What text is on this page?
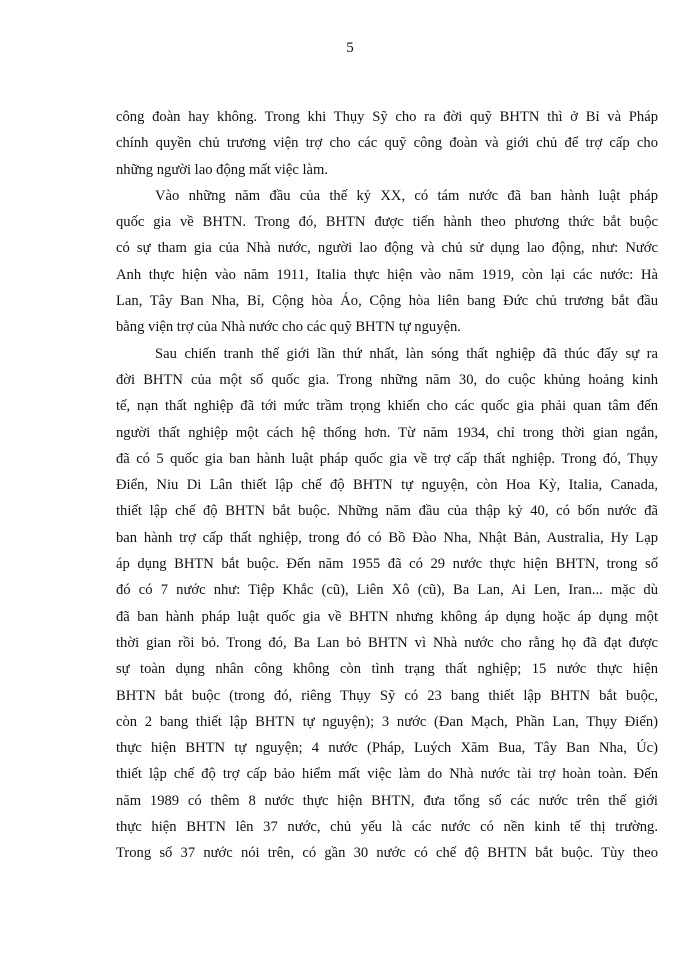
5
công đoàn hay không. Trong khi Thụy Sỹ cho ra đời quỹ BHTN thì ở Bỉ và Pháp
chính quyền chủ trương viện trợ cho các quỹ công đoàn và giới chủ để trợ cấp cho
những người lao động mất việc làm.
Vào những năm đầu của thế kỷ XX, có tám nước đã ban hành luật pháp
quốc gia về BHTN. Trong đó, BHTN được tiến hành theo phương thức bắt buộc
có sự tham gia của Nhà nước, người lao động và chủ sử dụng lao động, như: Nước
Anh thực hiện vào năm 1911, Italia thực hiện vào năm 1919, còn lại các nước: Hà
Lan, Tây Ban Nha, Bỉ, Cộng hòa Áo, Cộng hòa liên bang Đức chủ trương bắt đầu
bằng viện trợ của Nhà nước cho các quỹ BHTN tự nguyện.
Sau chiến tranh thế giới lần thứ nhất, làn sóng thất nghiệp đã thúc đẩy sự ra
đời BHTN của một số quốc gia. Trong những năm 30, do cuộc khủng hoảng kinh
tế, nạn thất nghiệp đã tới mức trầm trọng khiến cho các quốc gia phải quan tâm đến
người thất nghiệp một cách hệ thống hơn. Từ năm 1934, chỉ trong thời gian ngắn,
đã có 5 quốc gia ban hành luật pháp quốc gia về trợ cấp thất nghiệp. Trong đó, Thụy
Điển, Niu Di Lân thiết lập chế độ BHTN tự nguyện, còn Hoa Kỳ, Italia, Canada,
thiết lập chế độ BHTN bắt buộc. Những năm đầu của thập kỷ 40, có bốn nước đã
ban hành trợ cấp thất nghiệp, trong đó có Bồ Đào Nha, Nhật Bản, Australia, Hy Lạp
áp dụng BHTN bắt buộc. Đến năm 1955 đã có 29 nước thực hiện BHTN, trong số
đó có 7 nước như: Tiệp Khắc (cũ), Liên Xô (cũ), Ba Lan, Ai Len, Iran... mặc dù
đã ban hành pháp luật quốc gia về BHTN nhưng không áp dụng hoặc áp dụng một
thời gian rồi bỏ. Trong đó, Ba Lan bỏ BHTN vì Nhà nước cho rằng họ đã đạt được
sự toàn dụng nhân công không còn tình trạng thất nghiệp; 15 nước thực hiện
BHTN bắt buộc (trong đó, riêng Thụy Sỹ có 23 bang thiết lập BHTN bắt buộc,
còn 2 bang thiết lập BHTN tự nguyện); 3 nước (Đan Mạch, Phần Lan, Thụy Điển)
thực hiện BHTN tự nguyện; 4 nước (Pháp, Luých Xăm Bua, Tây Ban Nha, Úc)
thiết lập chế độ trợ cấp bảo hiểm mất việc làm do Nhà nước tài trợ hoàn toàn. Đến
năm 1989 có thêm 8 nước thực hiện BHTN, đưa tổng số các nước trên thế giới
thực hiện BHTN lên 37 nước, chủ yếu là các nước có nền kinh tế thị trường.
Trong số 37 nước nói trên, có gần 30 nước có chế độ BHTN bắt buộc. Tùy theo
